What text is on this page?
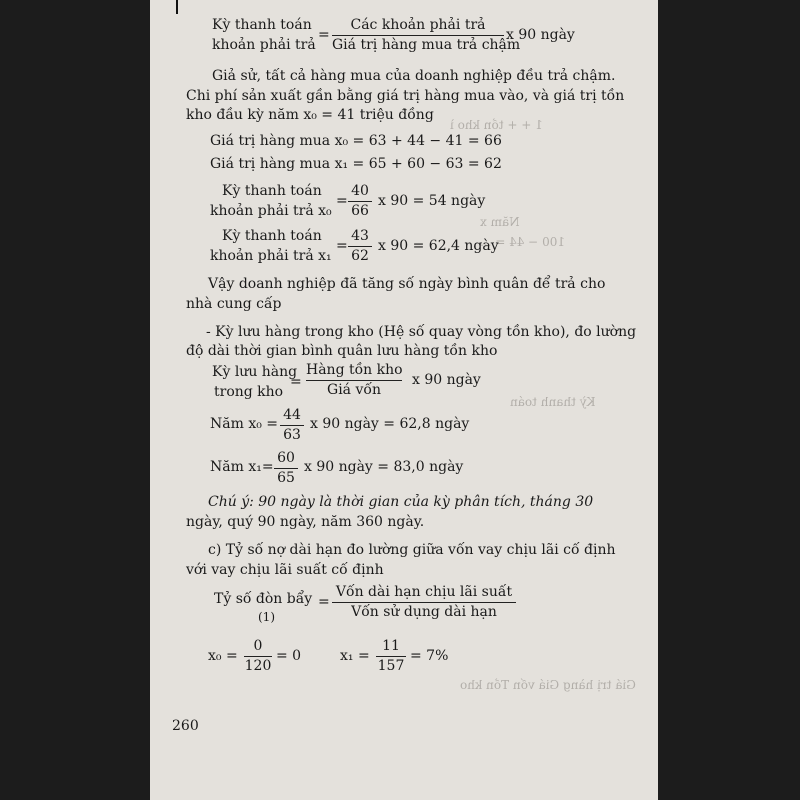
1 + + tồn kho ì
Năm x
100 − 44 = ...
Kỳ thanh toán
Giá trị hàng Giá vốn Tồn kho
Kỳ thanh toán
khoản phải trả
=
Các khoản phải trả
Giá trị hàng mua trả chậm
x 90 ngày
Giả sử, tất cả hàng mua của doanh nghiệp đều trả chậm.
Chi phí sản xuất gần bằng giá trị hàng mua vào, và giá trị tồn
kho đầu kỳ năm x₀ = 41 triệu đồng
Giá trị hàng mua x₀ = 63 + 44 − 41 = 66
Giá trị hàng mua x₁ = 65 + 60 − 63 = 62
Kỳ thanh toán
khoản phải trả x₀
=
40
66
x 90 = 54 ngày
Kỳ thanh toán
khoản phải trả x₁
=
43
62
x 90 = 62,4 ngày
Vậy doanh nghiệp đã tăng số ngày bình quân để trả cho
nhà cung cấp
- Kỳ lưu hàng trong kho (Hệ số quay vòng tồn kho), đo lường
độ dài thời gian bình quân lưu hàng tồn kho
Kỳ lưu hàng
trong kho
=
Hàng tồn kho
Giá vốn
x 90 ngày
Năm x₀ =
44
63
x 90 ngày = 62,8 ngày
Năm x₁=
60
65
x 90 ngày = 83,0 ngày
Chú ý: 90 ngày là thời gian của kỳ phân tích, tháng 30
ngày, quý 90 ngày, năm 360 ngày.
c) Tỷ số nợ dài hạn đo lường giữa vốn vay chịu lãi cố định
với vay chịu lãi suất cố định
Tỷ số đòn bẩy
(1)
=
Vốn dài hạn chịu lãi suất
Vốn sử dụng dài hạn
x₀ =
0
120
= 0	x₁ =
11
157
= 7%
260
